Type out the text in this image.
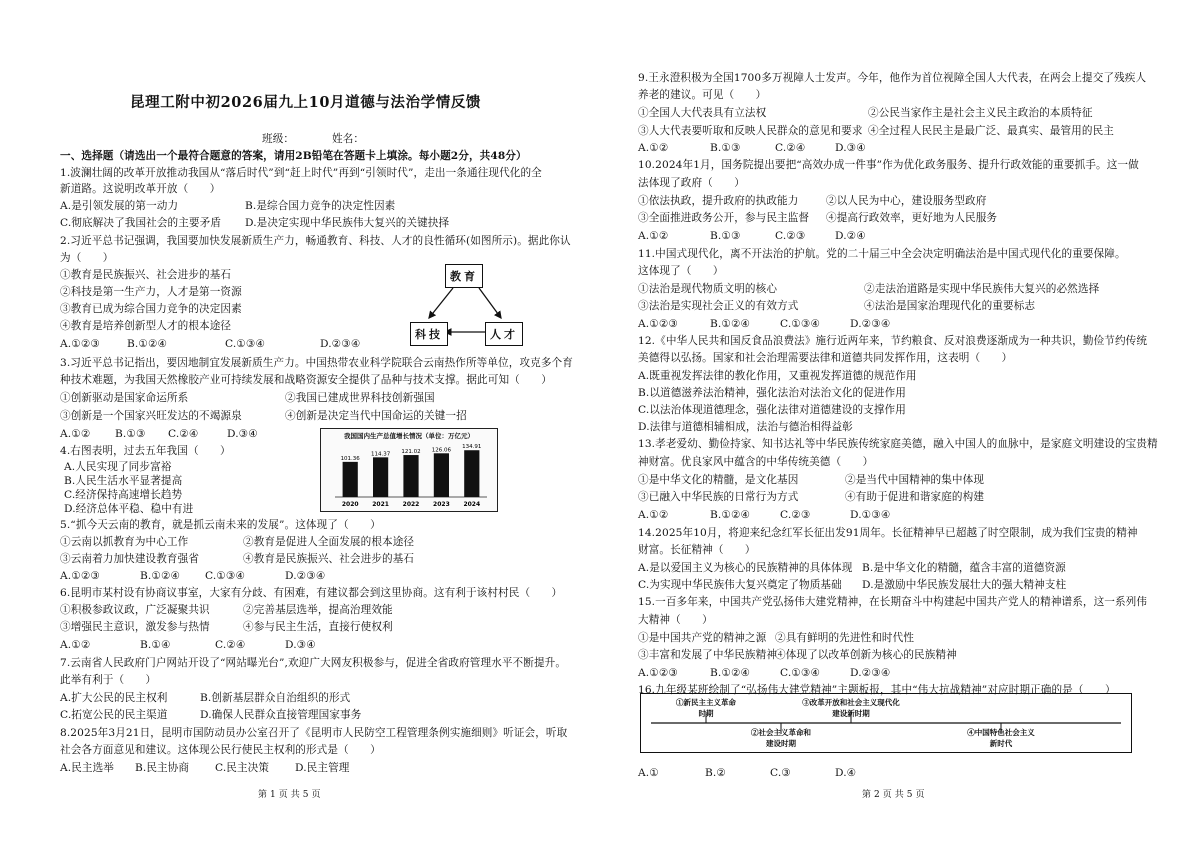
昆理工附中初2026届九上10月道德与法治学情反馈
班级：	姓名：
一、选择题（请选出一个最符合题意的答案，请用2B铅笔在答题卡上填涂。每小题2分，共48分）
1.波澜壮阔的改革开放推动我国从“落后时代”到“赶上时代”再到“引领时代”，走出一条通往现代化的全
新道路。这说明改革开放（　　）
A.是引领发展的第一动力	B.是综合国力竞争的决定性因素
C.彻底解决了我国社会的主要矛盾 D.是决定实现中华民族伟大复兴的关键抉择
2.习近平总书记强调，我国要加快发展新质生产力，畅通教育、科技、人才的良性循环(如图所示)。据此你认
为（　　）
①教育是民族振兴、社会进步的基石
②科技是第一生产力，人才是第一资源
③教育已成为综合国力竞争的决定因素
④教育是培养创新型人才的根本途径
A.①②③	B.①②④	C.①③④	D.②③④
教育
科技	人才
3.习近平总书记指出，要因地制宜发展新质生产力。中国热带农业科学院联合云南热作所等单位，攻克多个育
种技术难题，为我国天然橡胶产业可持续发展和战略资源安全提供了品种与技术支撑。据此可知（　　）
①创新驱动是国家命运所系	②我国已建成世界科技创新强国
③创新是一个国家兴旺发达的不竭源泉	④创新是决定当代中国命运的关键一招
A.①② B.①③ C.②④	D.③④
4.右图表明，过去五年我国（　　）
A.人民实现了同步富裕
B.人民生活水平显著提高
C.经济保持高速增长趋势
D.经济总体平稳、稳中有进
5.“抓今天云南的教育，就是抓云南未来的发展”。这体现了（　　）
①云南以抓教育为中心工作	②教育是促进人全面发展的根本途径
③云南着力加快建设教育强省	④教育是民族振兴、社会进步的基石
A.①②③	B.①②④ C.①③④	D.②③④
6.昆明市某村设有协商议事室，大家有分歧、有困难，有建议都会到这里协商。这有利于该村村民（　　）
①积极参政议政，广泛凝聚共识	②完善基层选举，提高治理效能
③增强民主意识，激发参与热情	④参与民主生活，直接行使权利
A.①②	B.①④	C.②④	D.③④
7.云南省人民政府门户网站开设了“网站曝光台”,欢迎广大网友积极参与，促进全省政府管理水平不断提升。
此举有利于（　　）
A.扩大公民的民主权利	B.创新基层群众自治组织的形式
C.拓宽公民的民主渠道	D.确保人民群众直接管理国家事务
8.2025年3月21日，昆明市国防动员办公室召开了《昆明市人民防空工程管理条例实施细则》听证会，听取
社会各方面意见和建议。这体现公民行使民主权利的形式是（　　）
A.民主选举 B.民主协商 C.民主决策 D.民主管理
第1页共5页
我国国内生产总值增长情况（单位：万亿元）
101.36
2020
114.37
2021
121.02
2022
126.06
2023
134.91
2024
9.王永澄积极为全国1700多万视障人士发声。今年，他作为首位视障全国人大代表，在两会上提交了残疾人
养老的建议。可见（　　）
①全国人大代表具有立法权	②公民当家作主是社会主义民主政治的本质特征
③人大代表要听取和反映人民群众的意见和要求 ④全过程人民民主是最广泛、最真实、最管用的民主
A.①②	B.①③	C.②④	D.③④
10.2024年1月，国务院提出要把“高效办成一件事”作为优化政务服务、提升行政效能的重要抓手。这一做
法体现了政府（　　）
①依法执政，提升政府的执政能力	②以人民为中心，建设服务型政府
③全面推进政务公开，参与民主监督 ④提高行政效率，更好地为人民服务
A.①②	B.①③	C.②③	D.②④
11.中国式现代化，离不开法治的护航。党的二十届三中全会决定明确法治是中国式现代化的重要保障。
这体现了（　　）
①法治是现代物质文明的核心	②走法治道路是实现中华民族伟大复兴的必然选择
③法治是实现社会正义的有效方式	④法治是国家治理现代化的重要标志
A.①②③	B.①②④	C.①③④	D.②③④
12.《中华人民共和国反食品浪费法》施行近两年来，节约粮食、反对浪费逐渐成为一种共识，勤俭节约传统
美德得以弘扬。国家和社会治理需要法律和道德共同发挥作用，这表明（　　）
A.既重视发挥法律的教化作用，又重视发挥道德的规范作用
B.以道德滋养法治精神，强化法治对法治文化的促进作用
C.以法治体现道德理念，强化法律对道德建设的支撑作用
D.法律与道德相辅相成，法治与德治相得益彰
13.孝老爱幼、勤俭持家、知书达礼等中华民族传统家庭美德，融入中国人的血脉中，是家庭文明建设的宝贵精
神财富。优良家风中蕴含的中华传统美德（　　）
①是中华文化的精髓，是文化基因	②是当代中国精神的集中体现
③已融入中华民族的日常行为方式	④有助于促进和谐家庭的构建
A.①②	B.①②④	C.②③	D.①③④
14.2025年10月，将迎来纪念红军长征出发91周年。长征精神早已超越了时空限制，成为我们宝贵的精神
财富。长征精神（　　）
A.是以爱国主义为核心的民族精神的具体体现 B.是中华文化的精髓，蕴含丰富的道德资源
C.为实现中华民族伟大复兴奠定了物质基础 D.是激励中华民族发展壮大的强大精神支柱
15.一百多年来，中国共产党弘扬伟大建党精神，在长期奋斗中构建起中国共产党人的精神谱系，这一系列伟
大精神（　　）
①是中国共产党的精神之源 ②具有鲜明的先进性和时代性
③丰富和发展了中华民族精神
④体现了以改革创新为核心的民族精神
A.①②③	B.①②④	C.①③④	D.②③④
16.九年级某班绘制了“弘扬伟大建党精神”主题板报，其中“伟大抗战精神”对应时期正确的是（　　）
①新民主主义革命
时期
③改革开放和社会主义现代化
建设新时期
②社会主义革命和
建设时期
④中国特色社会主义
新时代
A.①	B.②	C.③	D.④
第2页共5页
